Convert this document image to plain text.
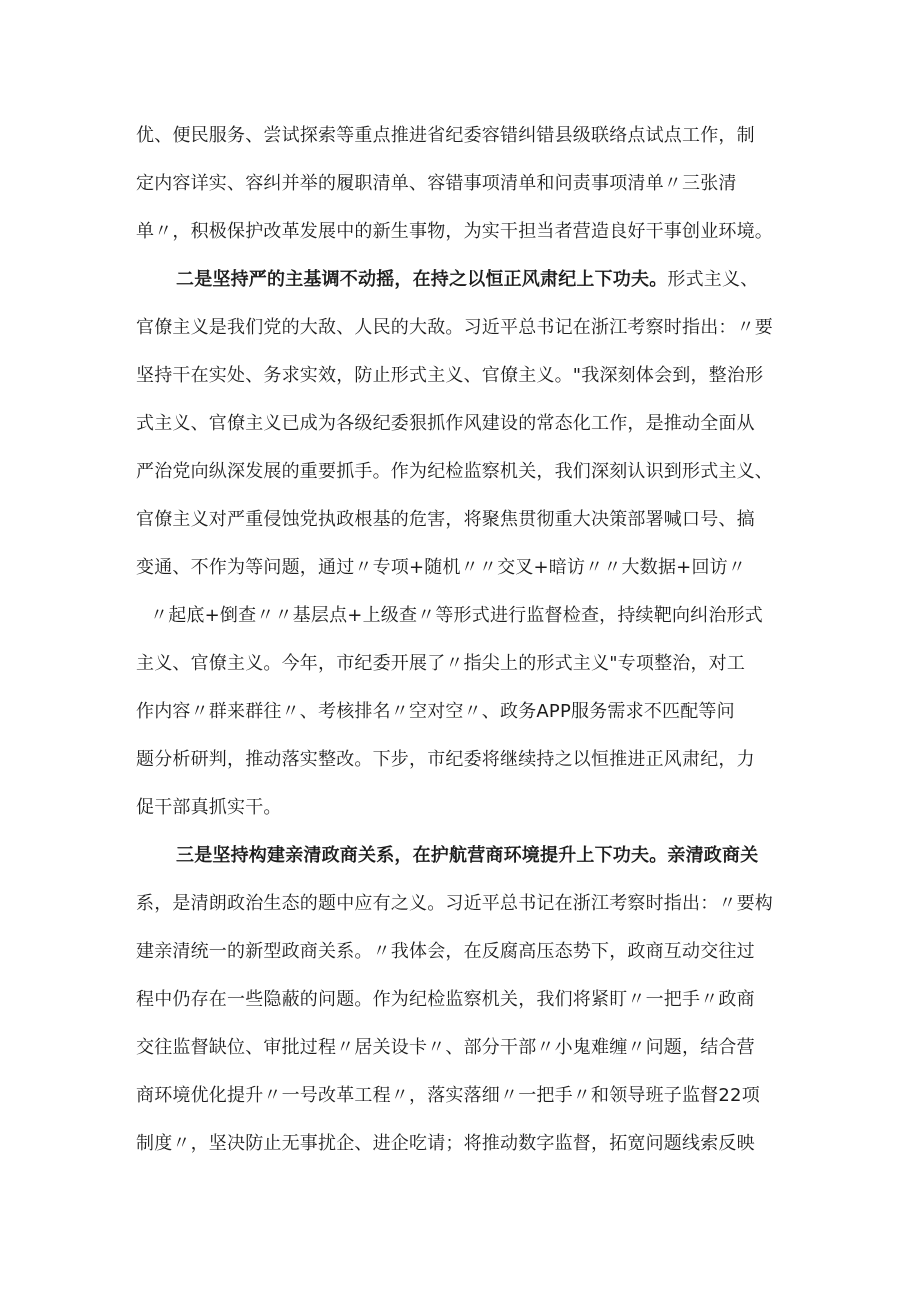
优、便民服务、尝试探索等重点推进省纪委容错纠错县级联络点试点工作，制
定内容详实、容纠并举的履职清单、容错事项清单和问责事项清单〃三张清
单〃，积极保护改革发展中的新生事物，为实干担当者营造良好干事创业环境。
二是坚持严的主基调不动摇，在持之以恒正风肃纪上下功夫。形式主义、
官僚主义是我们党的大敌、人民的大敌。习近平总书记在浙江考察时指出：〃要
坚持干在实处、务求实效，防止形式主义、官僚主义。"我深刻体会到，整治形
式主义、官僚主义已成为各级纪委狠抓作风建设的常态化工作，是推动全面从
严治党向纵深发展的重要抓手。作为纪检监察机关，我们深刻认识到形式主义、
官僚主义对严重侵蚀党执政根基的危害，将聚焦贯彻重大决策部署喊口号、搞
变通、不作为等问题，通过〃专项+随机〃〃交叉+暗访〃〃大数据+回访〃
〃起底+倒查〃〃基层点+上级查〃等形式进行监督检查，持续靶向纠治形式
主义、官僚主义。今年，市纪委开展了〃指尖上的形式主义"专项整治，对工
作内容〃群来群往〃、考核排名〃空对空〃、政务APP服务需求不匹配等问
题分析研判，推动落实整改。下步，市纪委将继续持之以恒推进正风肃纪，力
促干部真抓实干。
三是坚持构建亲清政商关系，在护航营商环境提升上下功夫。亲清政商关
系，是清朗政治生态的题中应有之义。习近平总书记在浙江考察时指出：〃要构
建亲清统一的新型政商关系。〃我体会，在反腐高压态势下，政商互动交往过
程中仍存在一些隐蔽的问题。作为纪检监察机关，我们将紧盯〃一把手〃政商
交往监督缺位、审批过程〃居关设卡〃、部分干部〃小鬼难缠〃问题，结合营
商环境优化提升〃一号改革工程〃，落实落细〃一把手〃和领导班子监督22项
制度〃，坚决防止无事扰企、进企吃请；将推动数字监督，拓宽问题线索反映
